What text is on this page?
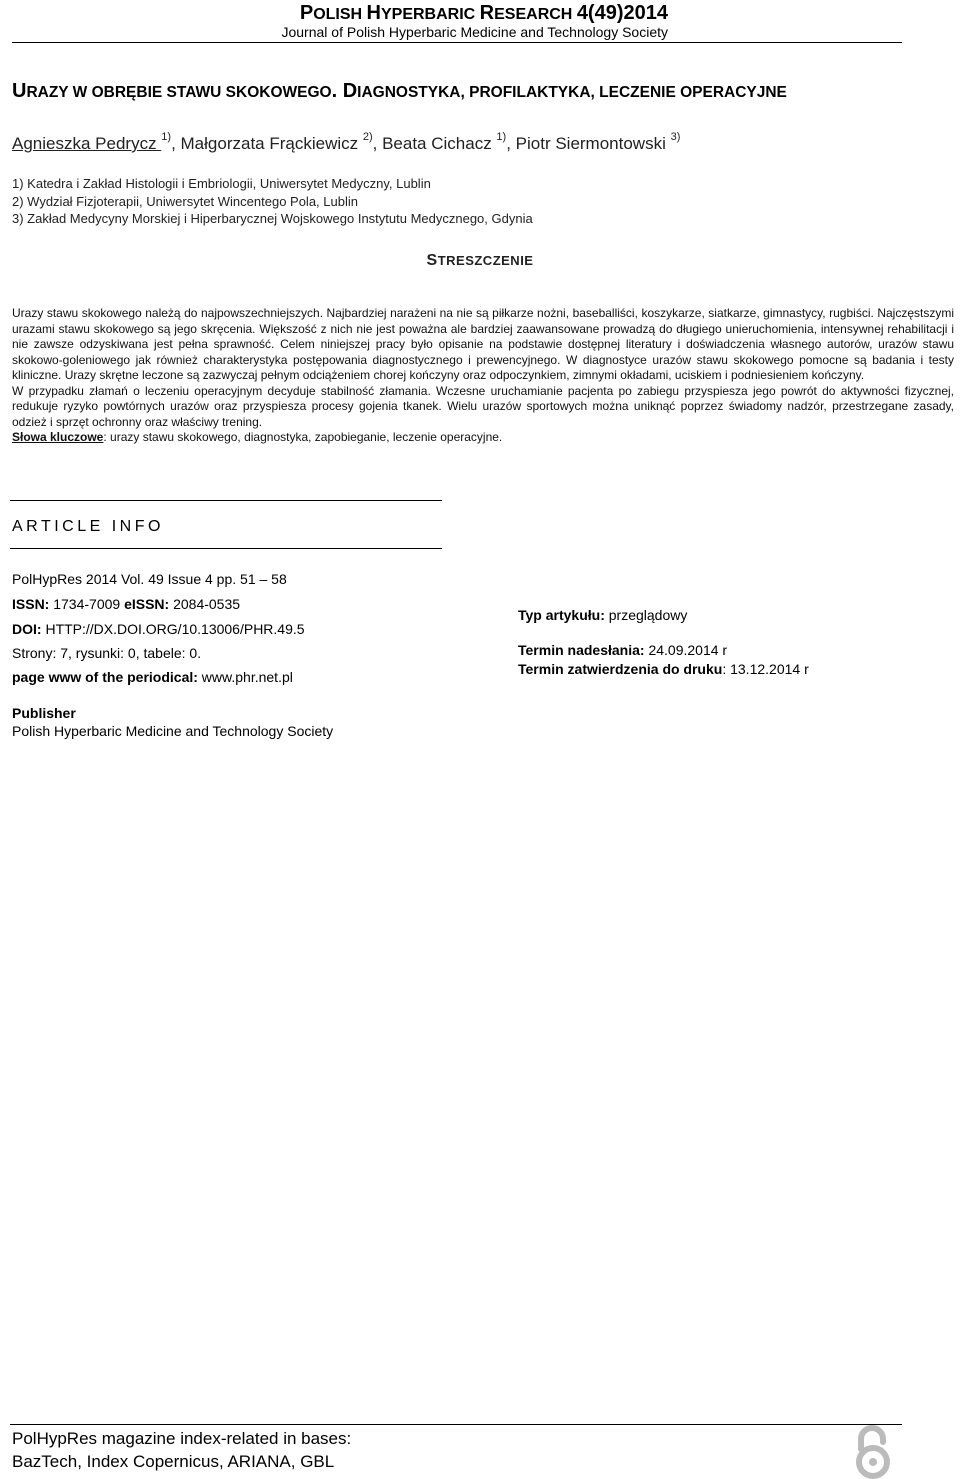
POLISH HYPERBARIC RESEARCH 4(49)2014
Journal of Polish Hyperbaric Medicine and Technology Society
URAZY W OBRĘBIE STAWU SKOKOWEGO. DIAGNOSTYKA, PROFILAKTYKA, LECZENIE OPERACYJNE
Agnieszka Pedrycz $^{1)}$, Małgorzata Frąckiewicz $^{2)}$, Beata Cichacz $^{1)}$, Piotr Siermontowski $^{3)}$
1) Katedra i Zakład Histologii i Embriologii, Uniwersytet Medyczny, Lublin
2) Wydział Fizjoterapii, Uniwersytet Wincentego Pola, Lublin
3) Zakład Medycyny Morskiej i Hiperbarycznej Wojskowego Instytutu Medycznego, Gdynia
STRESZCZENIE

Urazy stawu skokowego należą do najpowszechniejszych. Najbardziej narażeni na nie są piłkarze nożni, baseballiści, koszykarze, siatkarze, gimnastycy, rugbiści. Najczęstszymi urazami stawu skokowego są jego skręcenia. Większość z nich nie jest poważna ale bardziej zaawansowane prowadzą do długiego unieruchomienia, intensywnej rehabilitacji i nie zawsze odzyskiwana jest pełna sprawność. Celem niniejszej pracy było opisanie na podstawie dostępnej literatury i doświadczenia własnego autorów, urazów stawu skokowo-goleniowego jak również charakterystyka postępowania diagnostycznego i prewencyjnego. W diagnostyce urazów stawu skokowego pomocne są badania i testy kliniczne. Urazy skrętne leczone są zazwyczaj pełnym odciążeniem chorej kończyny oraz odpoczynkiem, zimnymi okładami, uciskiem i podniesieniem kończyny.

W przypadku złamań o leczeniu operacyjnym decyduje stabilność złamania. Wczesne uruchamianie pacjenta po zabiegu przyspiesza jego powrót do aktywności fizycznej, redukuje ryzyko powtórnych urazów oraz przyspiesza procesy gojenia tkanek. Wielu urazów sportowych można uniknąć poprzez świadomy nadzór, przestrzegane zasady, odzież i sprzęt ochronny oraz właściwy trening.

Słowa kluczowe: urazy stawu skokowego, diagnostyka, zapobieganie, leczenie operacyjne.

ARTICLE INFO
PolHypRes 2014 Vol. 49 Issue 4 pp. 51 – 58
ISSN: 1734-7009 eISSN: 2084-0535
DOI: HTTP://DX.DOI.ORG/10.13006/PHR.49.5
Strony: 7, rysunki: 0, tabele: 0.
page www of the periodical: www.phr.net.pl
Typ artykułu: przeglądowy
Termin nadesłania: 24.09.2014 r
Termin zatwierdzenia do druku: 13.12.2014 r
Publisher
Polish Hyperbaric Medicine and Technology Society
PolHypRes magazine index-related in bases:
BazTech, Index Copernicus, ARIANA, GBL
